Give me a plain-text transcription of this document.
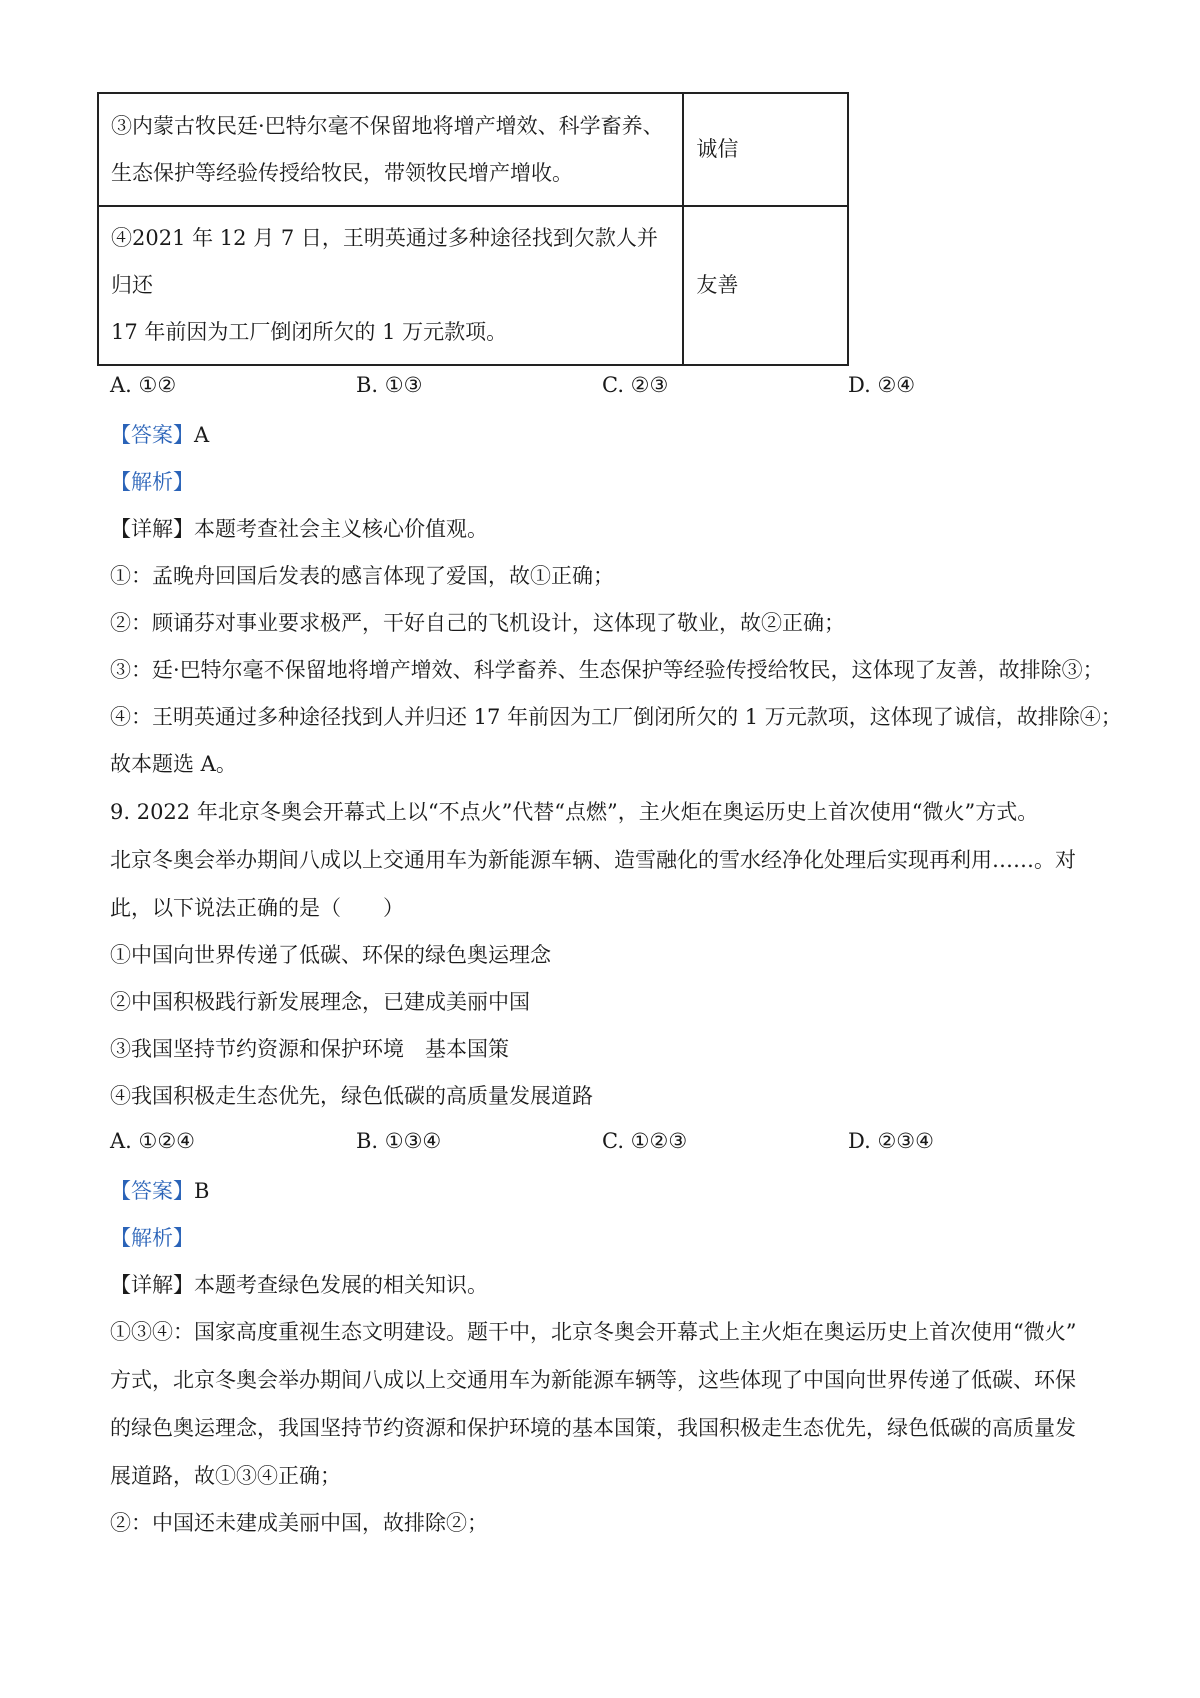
③内蒙古牧民廷·巴特尔毫不保留地将增产增效、科学畜养、
生态保护等经验传授给牧民，带领牧民增产增收。	诚信

④2021 年 12 月 7 日，王明英通过多种途径找到欠款人并归还
17 年前因为工厂倒闭所欠的 1 万元款项。	友善
A. ①②	B. ①③	C. ②③	D. ②④
【答案】A
【解析】
【详解】本题考查社会主义核心价值观。
①：孟晚舟回国后发表的感言体现了爱国，故①正确；
②：顾诵芬对事业要求极严，干好自己的飞机设计，这体现了敬业，故②正确；
③：廷·巴特尔毫不保留地将增产增效、科学畜养、生态保护等经验传授给牧民，这体现了友善，故排除③；
④：王明英通过多种途径找到人并归还 17 年前因为工厂倒闭所欠的 1 万元款项，这体现了诚信，故排除④；
故本题选 A。
9. 2022 年北京冬奥会开幕式上以“不点火”代替“点燃”，主火炬在奥运历史上首次使用“微火”方式。
北京冬奥会举办期间八成以上交通用车为新能源车辆、造雪融化的雪水经净化处理后实现再利用……。对
此，以下说法正确的是（　　）
①中国向世界传递了低碳、环保的绿色奥运理念
②中国积极践行新发展理念，已建成美丽中国
③我国坚持节约资源和保护环境　基本国策
④我国积极走生态优先，绿色低碳的高质量发展道路
A. ①②④	B. ①③④	C. ①②③	D. ②③④
【答案】B
【解析】
【详解】本题考查绿色发展的相关知识。
①③④：国家高度重视生态文明建设。题干中，北京冬奥会开幕式上主火炬在奥运历史上首次使用“微火”
方式，北京冬奥会举办期间八成以上交通用车为新能源车辆等，这些体现了中国向世界传递了低碳、环保
的绿色奥运理念，我国坚持节约资源和保护环境的基本国策，我国积极走生态优先，绿色低碳的高质量发
展道路，故①③④正确；
②：中国还未建成美丽中国，故排除②；
